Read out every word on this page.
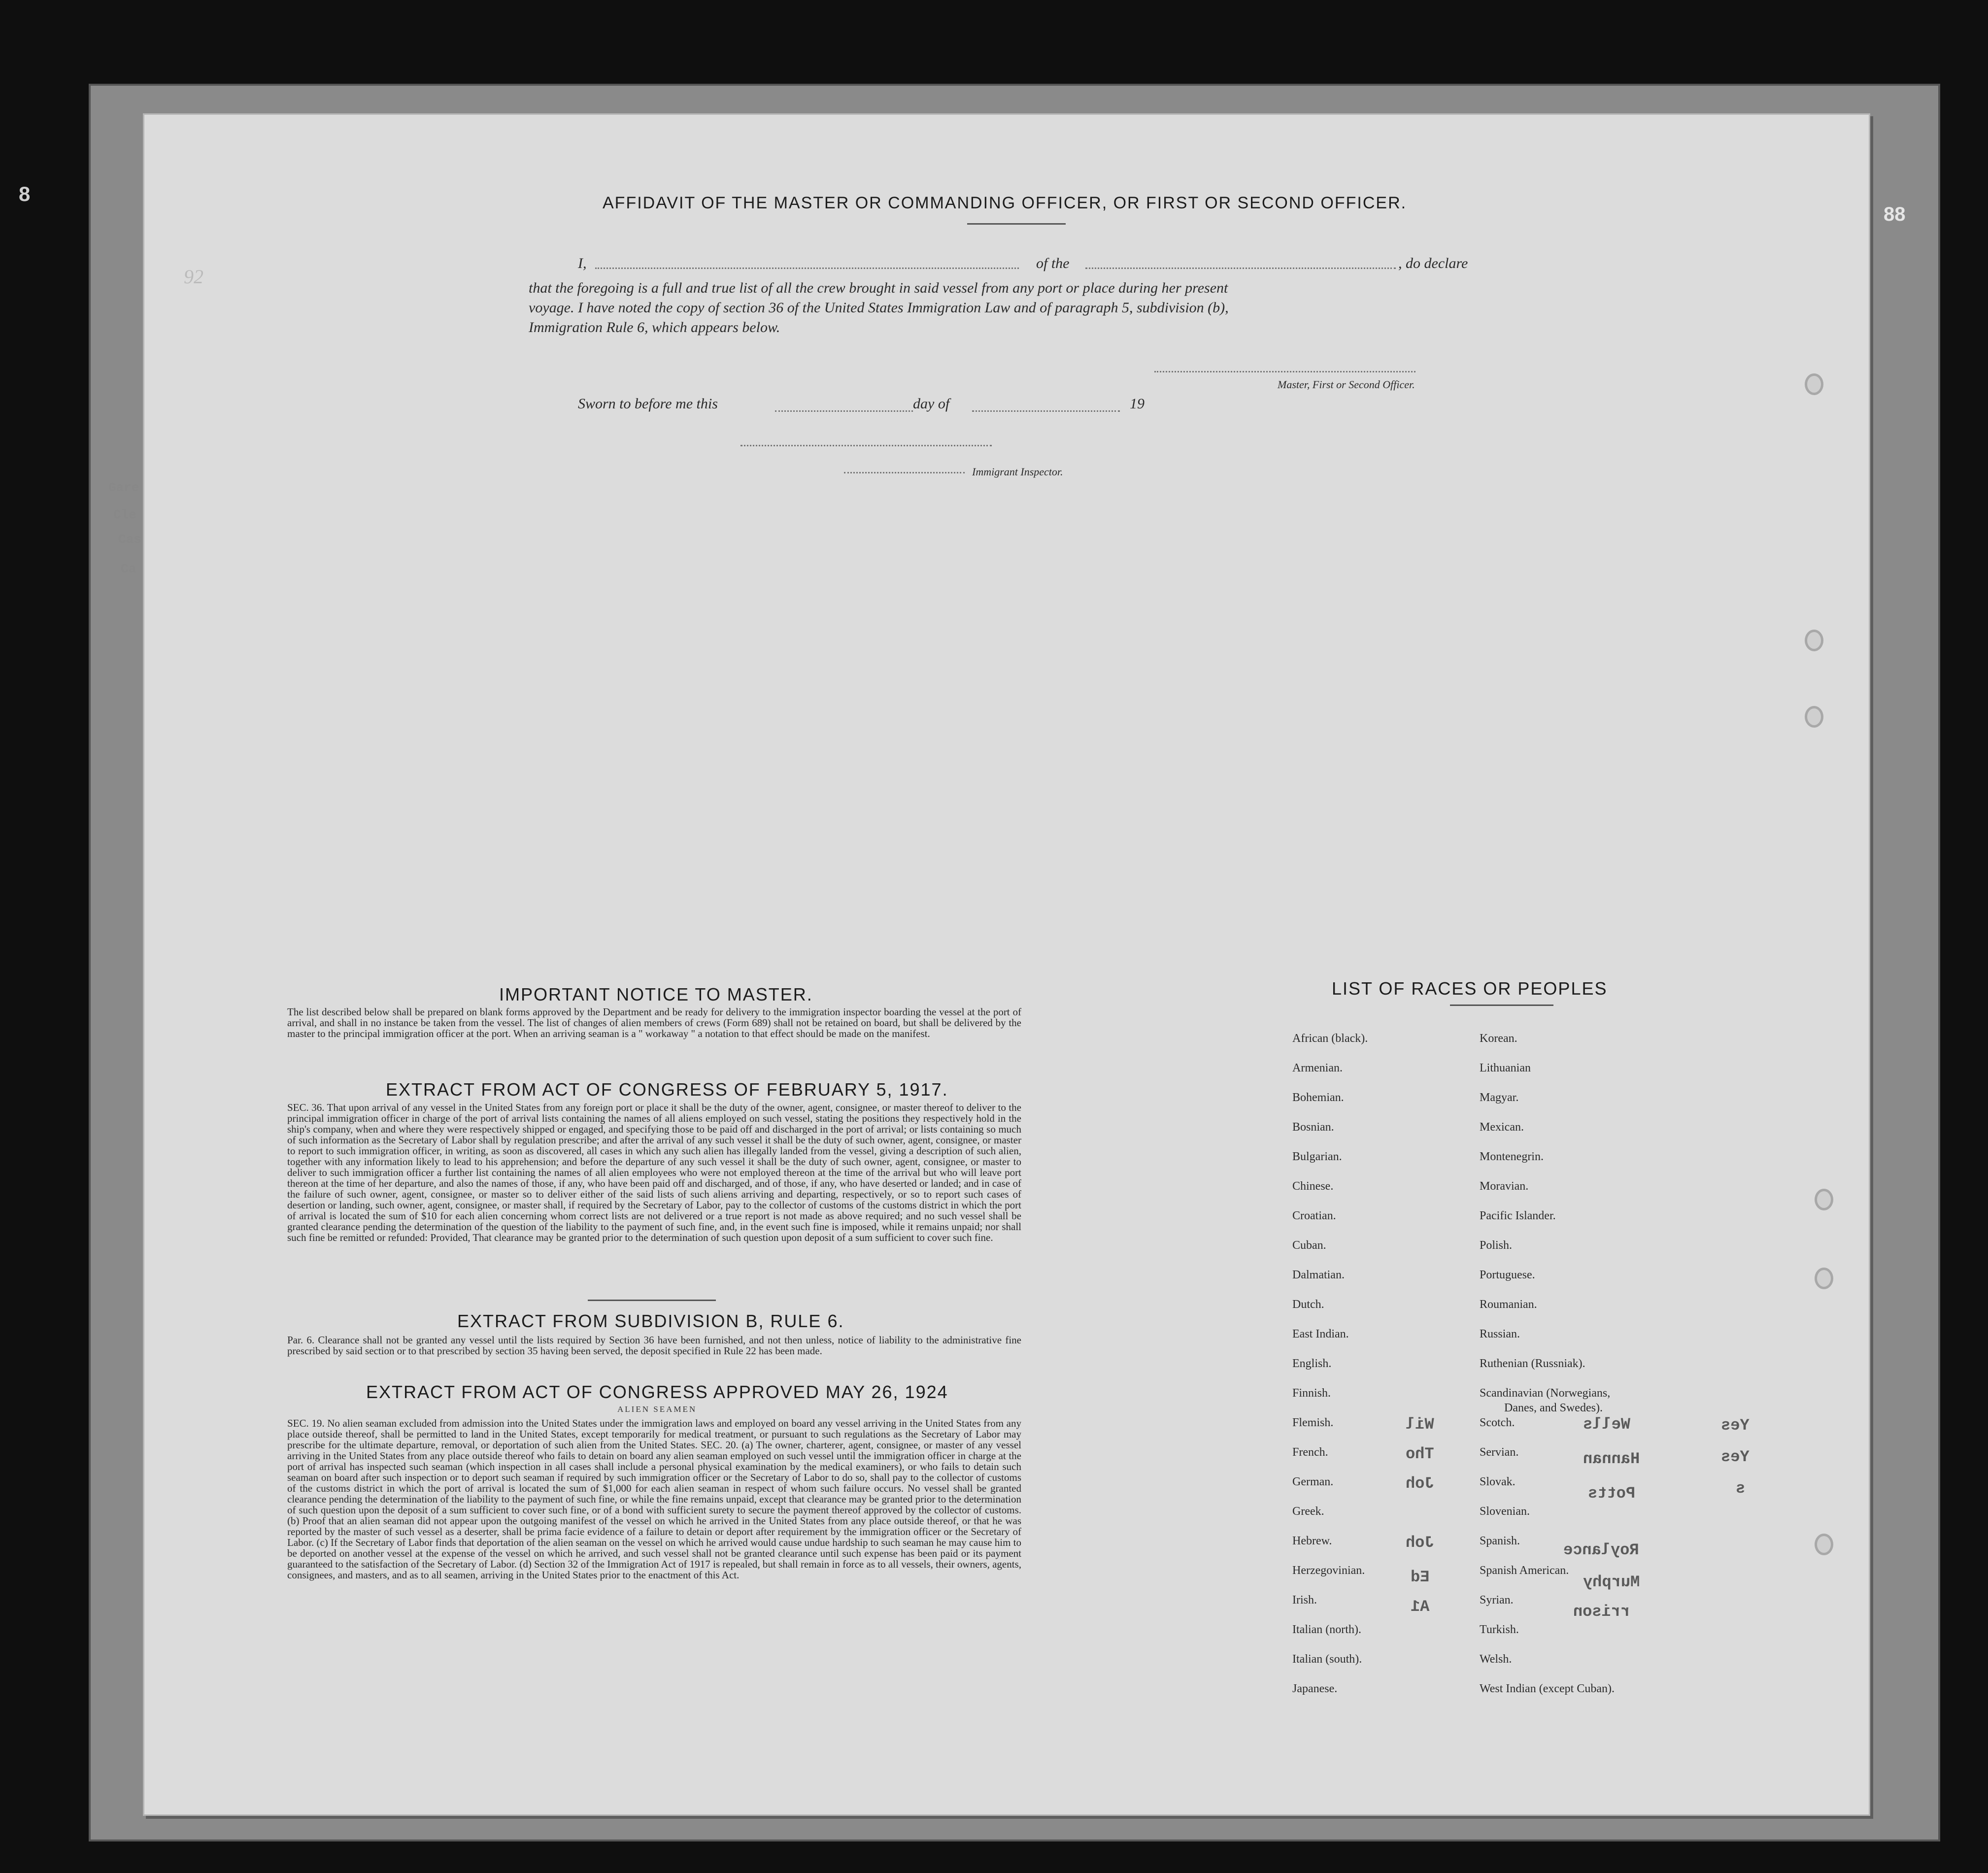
8
Gare
Cle
Cas
Ca
88
92
AFFIDAVIT OF THE MASTER OR COMMANDING OFFICER, OR FIRST OR SECOND OFFICER.
I,	of the	, do declare
that the foregoing is a full and true list of all the crew brought in said vessel from any port or place during her present
voyage. I have noted the copy of section 36 of the United States Immigration Law and of paragraph 5, subdivision (b),
Immigration Rule 6, which appears below.
Master, First or Second Officer.
Sworn to before me this	day of	19
Immigrant Inspector.
IMPORTANT NOTICE TO MASTER.
The list described below shall be prepared on blank forms approved by the Department and be ready for delivery to the immigration inspector boarding the vessel at the port of arrival, and shall in no instance be taken from the vessel. The list of changes of alien members of crews (Form 689) shall not be retained on board, but shall be delivered by the master to the principal immigration officer at the port. When an arriving seaman is a " workaway " a notation to that effect should be made on the manifest.
EXTRACT FROM ACT OF CONGRESS OF FEBRUARY 5, 1917.
SEC. 36. That upon arrival of any vessel in the United States from any foreign port or place it shall be the duty of the owner, agent, consignee, or master thereof to deliver to the principal immigration officer in charge of the port of arrival lists containing the names of all aliens employed on such vessel, stating the positions they respectively hold in the ship's company, when and where they were respectively shipped or engaged, and specifying those to be paid off and discharged in the port of arrival; or lists containing so much of such information as the Secretary of Labor shall by regulation prescribe; and after the arrival of any such vessel it shall be the duty of such owner, agent, consignee, or master to report to such immigration officer, in writing, as soon as discovered, all cases in which any such alien has illegally landed from the vessel, giving a description of such alien, together with any information likely to lead to his apprehension; and before the departure of any such vessel it shall be the duty of such owner, agent, consignee, or master to deliver to such immigration officer a further list containing the names of all alien employees who were not employed thereon at the time of the arrival but who will leave port thereon at the time of her departure, and also the names of those, if any, who have been paid off and discharged, and of those, if any, who have deserted or landed; and in case of the failure of such owner, agent, consignee, or master so to deliver either of the said lists of such aliens arriving and departing, respectively, or so to report such cases of desertion or landing, such owner, agent, consignee, or master shall, if required by the Secretary of Labor, pay to the collector of customs of the customs district in which the port of arrival is located the sum of $10 for each alien concerning whom correct lists are not delivered or a true report is not made as above required; and no such vessel shall be granted clearance pending the determination of the question of the liability to the payment of such fine, and, in the event such fine is imposed, while it remains unpaid; nor shall such fine be remitted or refunded: Provided, That clearance may be granted prior to the determination of such question upon deposit of a sum sufficient to cover such fine.
EXTRACT FROM SUBDIVISION B, RULE 6.
Par. 6. Clearance shall not be granted any vessel until the lists required by Section 36 have been furnished, and not then unless, notice of liability to the administrative fine prescribed by said section or to that prescribed by section 35 having been served, the deposit specified in Rule 22 has been made.
EXTRACT FROM ACT OF CONGRESS APPROVED MAY 26, 1924
ALIEN SEAMEN
SEC. 19. No alien seaman excluded from admission into the United States under the immigration laws and employed on board any vessel arriving in the United States from any place outside thereof, shall be permitted to land in the United States, except temporarily for medical treatment, or pursuant to such regulations as the Secretary of Labor may prescribe for the ultimate departure, removal, or deportation of such alien from the United States. SEC. 20. (a) The owner, charterer, agent, consignee, or master of any vessel arriving in the United States from any place outside thereof who fails to detain on board any alien seaman employed on such vessel until the immigration officer in charge at the port of arrival has inspected such seaman (which inspection in all cases shall include a personal physical examination by the medical examiners), or who fails to detain such seaman on board after such inspection or to deport such seaman if required by such immigration officer or the Secretary of Labor to do so, shall pay to the collector of customs of the customs district in which the port of arrival is located the sum of $1,000 for each alien seaman in respect of whom such failure occurs. No vessel shall be granted clearance pending the determination of the liability to the payment of such fine, or while the fine remains unpaid, except that clearance may be granted prior to the determination of such question upon the deposit of a sum sufficient to cover such fine, or of a bond with sufficient surety to secure the payment thereof approved by the collector of customs. (b) Proof that an alien seaman did not appear upon the outgoing manifest of the vessel on which he arrived in the United States from any place outside thereof, or that he was reported by the master of such vessel as a deserter, shall be prima facie evidence of a failure to detain or deport after requirement by the immigration officer or the Secretary of Labor. (c) If the Secretary of Labor finds that deportation of the alien seaman on the vessel on which he arrived would cause undue hardship to such seaman he may cause him to be deported on another vessel at the expense of the vessel on which he arrived, and such vessel shall not be granted clearance until such expense has been paid or its payment guaranteed to the satisfaction of the Secretary of Labor. (d) Section 32 of the Immigration Act of 1917 is repealed, but shall remain in force as to all vessels, their owners, agents, consignees, and masters, and as to all seamen, arriving in the United States prior to the enactment of this Act.
LIST OF RACES OR PEOPLES
African (black).
Armenian.
Bohemian.
Bosnian.
Bulgarian.
Chinese.
Croatian.
Cuban.
Dalmatian.
Dutch.
East Indian.
English.
Finnish.
Flemish.
French.
German.
Greek.
Hebrew.
Herzegovinian.
Irish.
Italian (north).
Italian (south).
Japanese.
Korean.
Lithuanian
Magyar.
Mexican.
Montenegrin.
Moravian.
Pacific Islander.
Polish.
Portuguese.
Roumanian.
Russian.
Ruthenian (Russniak).
Scandinavian (Norwegians,
Danes, and Swedes).
Scotch.
Servian.
Slovak.
Slovenian.
Spanish.
Spanish American.
Syrian.
Turkish.
Welsh.
West Indian (except Cuban).
Wil
Tho
Joh
Joh
Ed
A1
Wells
Hannan
Potts
Roylance
Murphy
rrison
Yes
Yes
s
